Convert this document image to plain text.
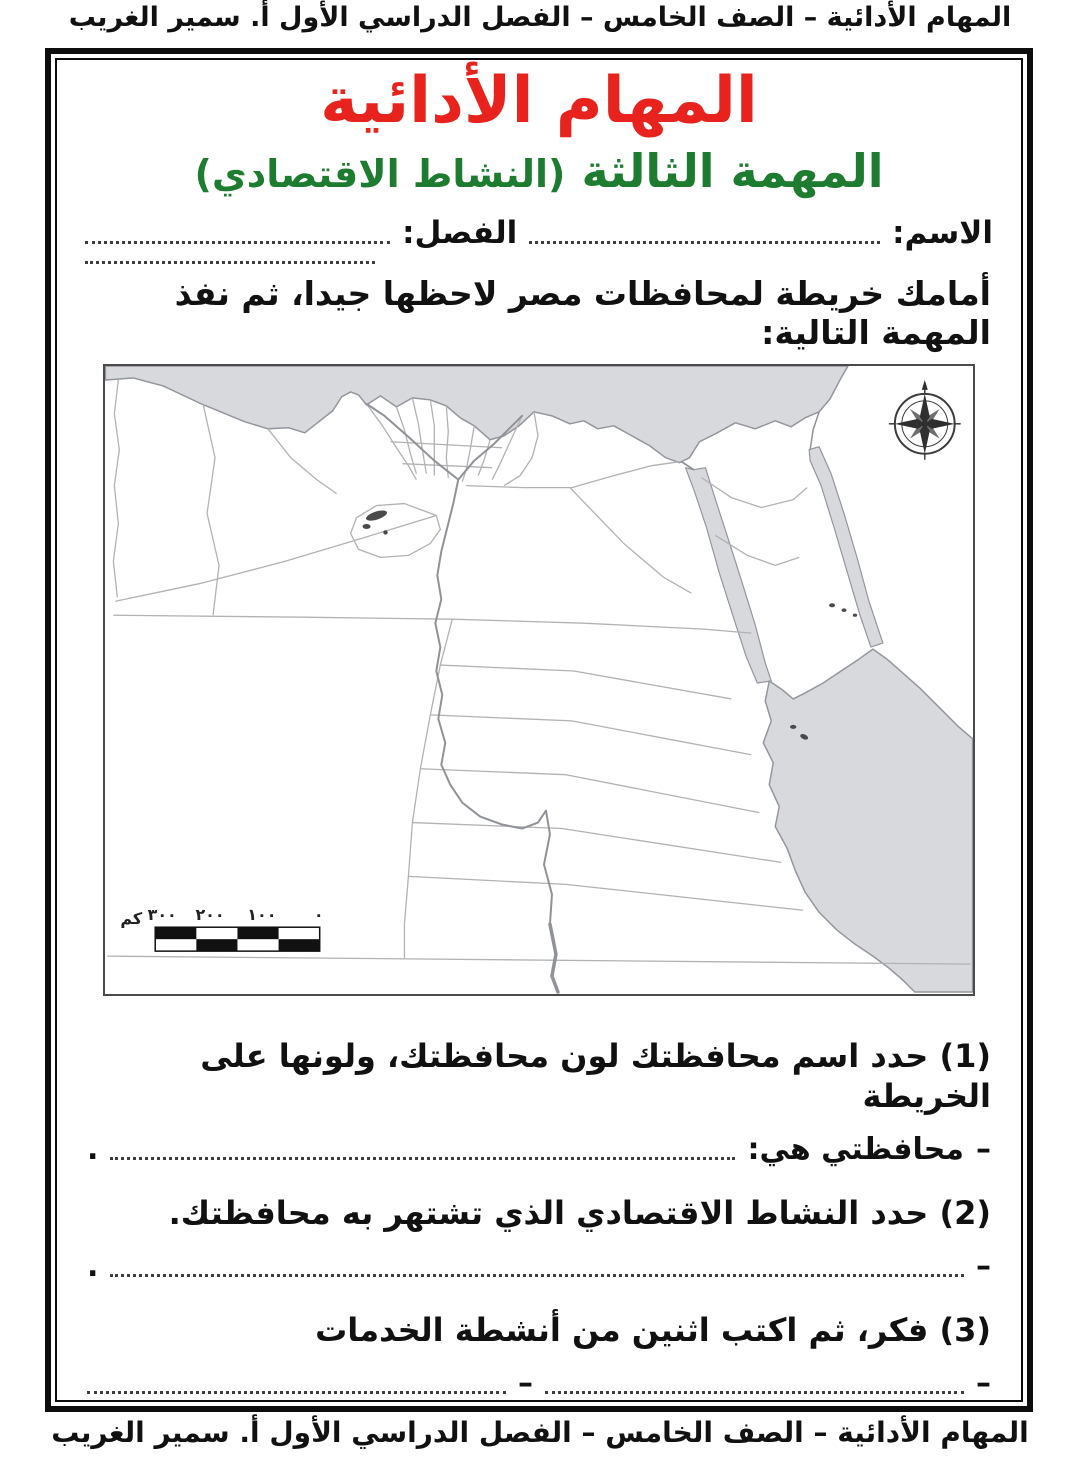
المهام الأدائية – الصف الخامس – الفصل الدراسي الأول أ. سمير الغريب
المهام الأدائية
المهمة الثالثة (النشاط الاقتصادي)
الاسم:
الفصل:
أمامك خريطة لمحافظات مصر لاحظها جيدا، ثم نفذ المهمة التالية:
كم ٣٠٠ ٢٠٠ ١٠٠ ٠
(1) حدد اسم محافظتك لون محافظتك، ولونها على الخريطة
–
محافظتي هي:
.
(2) حدد النشاط الاقتصادي الذي تشتهر به محافظتك.
–
.
(3) فكر، ثم اكتب اثنين من أنشطة الخدمات
–
–
المهام الأدائية – الصف الخامس – الفصل الدراسي الأول أ. سمير الغريب
